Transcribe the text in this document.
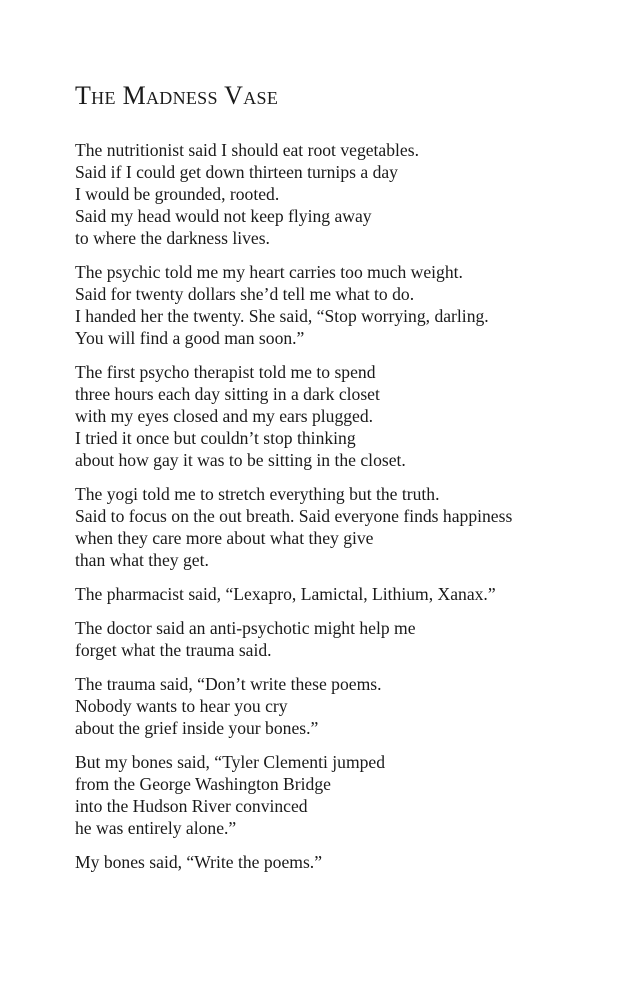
The Madness Vase
The nutritionist said I should eat root vegetables.
Said if I could get down thirteen turnips a day
I would be grounded, rooted.
Said my head would not keep flying away
to where the darkness lives.
The psychic told me my heart carries too much weight.
Said for twenty dollars she’d tell me what to do.
I handed her the twenty. She said, “Stop worrying, darling.
You will find a good man soon.”
The first psycho therapist told me to spend
three hours each day sitting in a dark closet
with my eyes closed and my ears plugged.
I tried it once but couldn’t stop thinking
about how gay it was to be sitting in the closet.
The yogi told me to stretch everything but the truth.
Said to focus on the out breath. Said everyone finds happiness
when they care more about what they give
than what they get.
The pharmacist said, “Lexapro, Lamictal, Lithium, Xanax.”
The doctor said an anti-psychotic might help me
forget what the trauma said.
The trauma said, “Don’t write these poems.
Nobody wants to hear you cry
about the grief inside your bones.”
But my bones said, “Tyler Clementi jumped
from the George Washington Bridge
into the Hudson River convinced
he was entirely alone.”
My bones said, “Write the poems.”
